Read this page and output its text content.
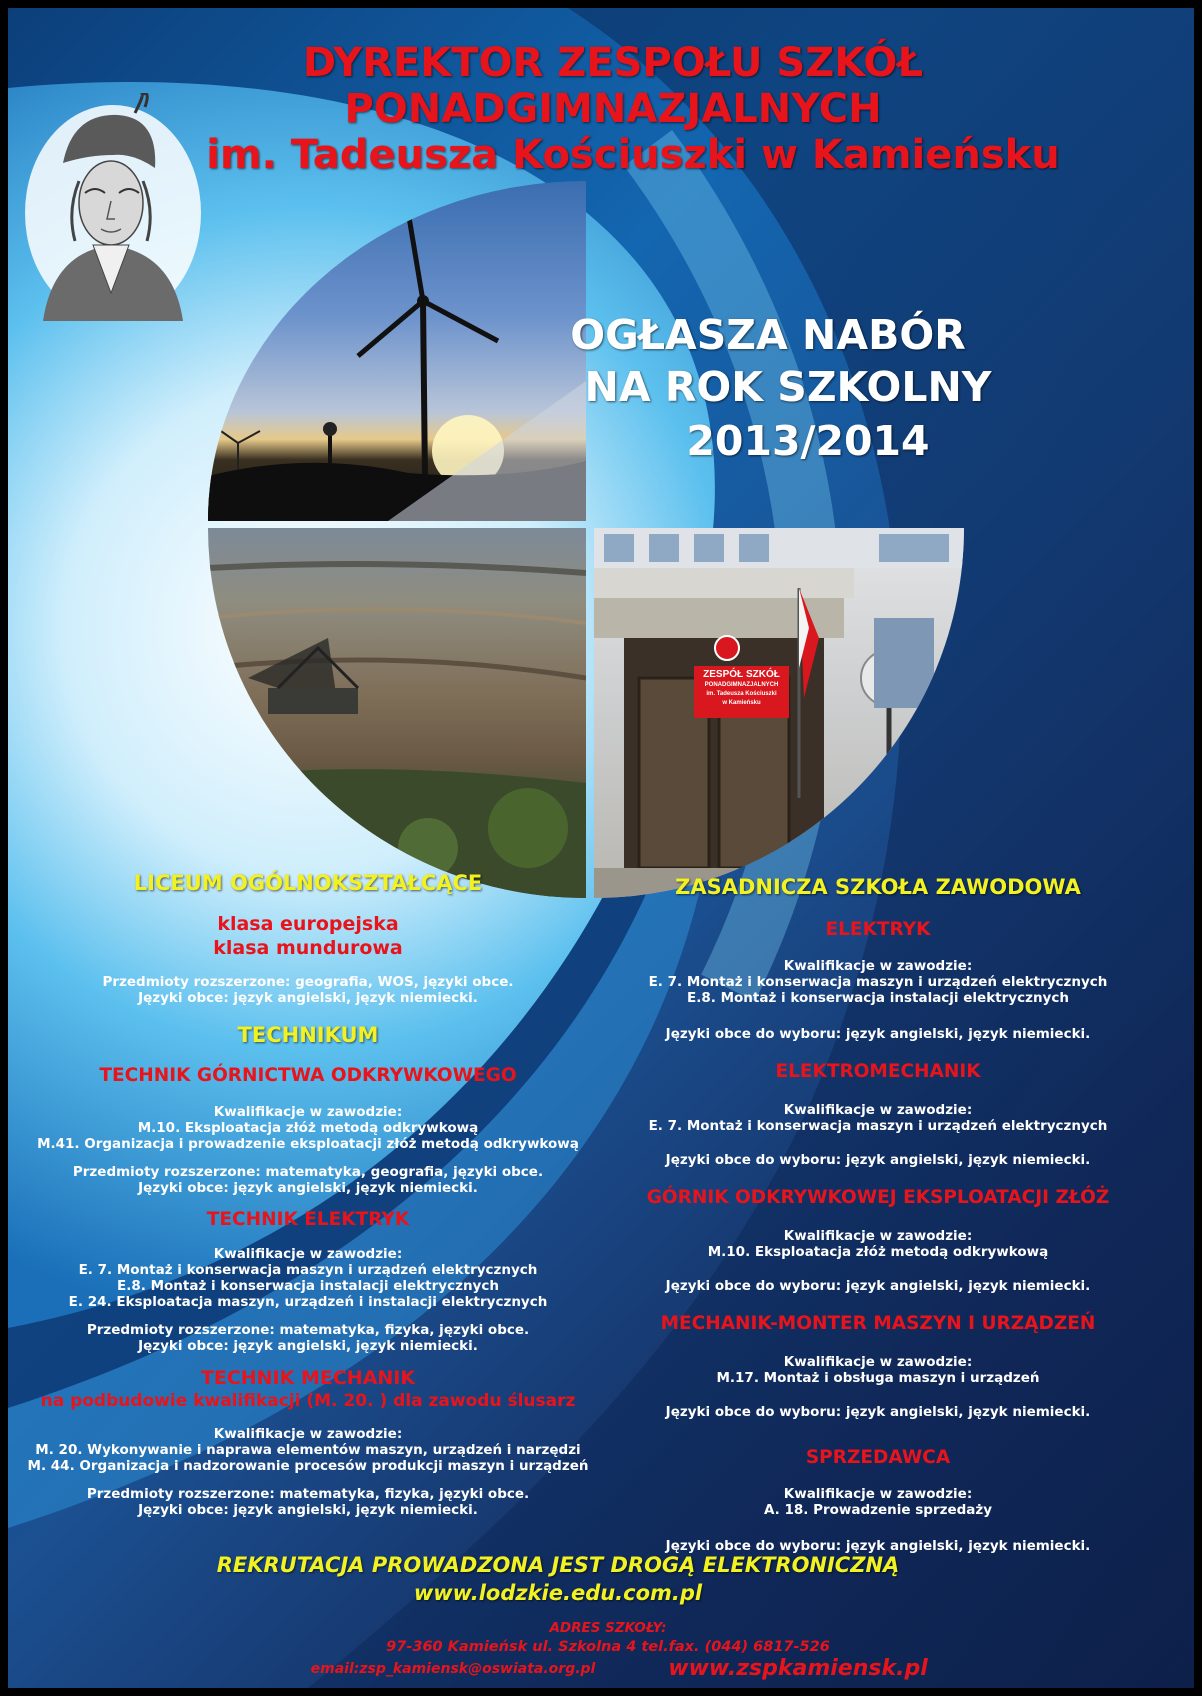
DYREKTOR ZESPOŁU SZKÓŁ
PONADGIMNAZJALNYCH
im. Tadeusza Kościuszki w Kamieńsku
ZESPÓŁ SZKÓŁ
PONADGIMNAZJALNYCH
im. Tadeusza Kościuszki
w Kamieńsku
OGŁASZA NABÓR
NA ROK SZKOLNY
2013/2014
LICEUM OGÓLNOKSZTAŁCĄCE
klasa europejska
klasa mundurowa
Przedmioty rozszerzone: geografia, WOS, języki obce.
Języki obce: język angielski, język niemiecki.
TECHNIKUM
TECHNIK GÓRNICTWA ODKRYWKOWEGO
Kwalifikacje w zawodzie:
M.10. Eksploatacja złóż metodą odkrywkową
M.41. Organizacja i prowadzenie eksploatacji złóż metodą odkrywkową
Przedmioty rozszerzone: matematyka, geografia, języki obce.
Języki obce: język angielski, język niemiecki.
TECHNIK ELEKTRYK
Kwalifikacje w zawodzie:
E. 7. Montaż i konserwacja maszyn i urządzeń elektrycznych
E.8. Montaż i konserwacja instalacji elektrycznych
E. 24. Eksploatacja maszyn, urządzeń i instalacji elektrycznych
Przedmioty rozszerzone: matematyka, fizyka, języki obce.
Języki obce: język angielski, język niemiecki.
TECHNIK MECHANIK
na podbudowie kwalifikacji (M. 20. ) dla zawodu ślusarz
Kwalifikacje w zawodzie:
M. 20. Wykonywanie i naprawa elementów maszyn, urządzeń i narzędzi
M. 44. Organizacja i nadzorowanie procesów produkcji maszyn i urządzeń
Przedmioty rozszerzone: matematyka, fizyka, języki obce.
Języki obce: język angielski, język niemiecki.
ZASADNICZA SZKOŁA ZAWODOWA
ELEKTRYK
Kwalifikacje w zawodzie:
E. 7. Montaż i konserwacja maszyn i urządzeń elektrycznych
E.8. Montaż i konserwacja instalacji elektrycznych
Języki obce do wyboru: język angielski, język niemiecki.
ELEKTROMECHANIK
Kwalifikacje w zawodzie:
E. 7. Montaż i konserwacja maszyn i urządzeń elektrycznych
Języki obce do wyboru: język angielski, język niemiecki.
GÓRNIK ODKRYWKOWEJ EKSPLOATACJI ZŁÓŻ
Kwalifikacje w zawodzie:
M.10. Eksploatacja złóż metodą odkrywkową
Języki obce do wyboru: język angielski, język niemiecki.
MECHANIK-MONTER MASZYN I URZĄDZEŃ
Kwalifikacje w zawodzie:
M.17. Montaż i obsługa maszyn i urządzeń
Języki obce do wyboru: język angielski, język niemiecki.
SPRZEDAWCA
Kwalifikacje w zawodzie:
A. 18. Prowadzenie sprzedaży
Języki obce do wyboru: język angielski, język niemiecki.
REKRUTACJA PROWADZONA JEST DROGĄ ELEKTRONICZNĄ
www.lodzkie.edu.com.pl
ADRES SZKOŁY:
97-360 Kamieńsk ul. Szkolna 4 tel.fax. (044) 6817-526
email:zsp_kamiensk@oswiata.org.pl	www.zspkamiensk.pl
